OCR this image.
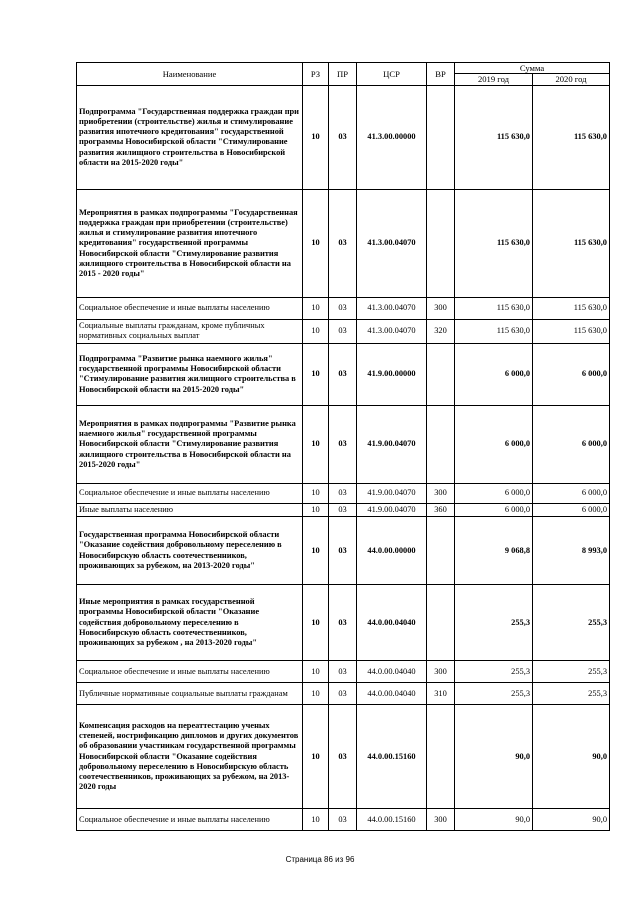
Наименование	РЗ	ПР	ЦСР	ВР	Сумма	
					2019 год	2020 год
Подпрограмма "Государственная поддержка граждан при приобретении (строительстве) жилья и стимулирование развития ипотечного кредитования" государственной программы Новосибирской области "Стимулирование развития жилищного строительства в Новосибирской области на 2015-2020 годы"	10	03	41.3.00.00000		115 630,0	115 630,0
Мероприятия в рамках подпрограммы "Государственная поддержка граждан при приобретении (строительстве) жилья и стимулирование развития ипотечного кредитования" государственной программы Новосибирской области "Стимулирование развития жилищного строительства в Новосибирской области на 2015 - 2020 годы"	10	03	41.3.00.04070		115 630,0	115 630,0
Социальное обеспечение и иные выплаты населению	10	03	41.3.00.04070	300	115 630,0	115 630,0
Социальные выплаты гражданам, кроме публичных нормативных социальных выплат	10	03	41.3.00.04070	320	115 630,0	115 630,0
Подпрограмма "Развитие рынка наемного жилья" государственной программы Новосибирской области "Стимулирование развития жилищного строительства в Новосибирской области на 2015-2020 годы"	10	03	41.9.00.00000		6 000,0	6 000,0
Мероприятия в рамках подпрограммы "Развитие рынка наемного жилья" государственной программы Новосибирской области "Стимулирование развития жилищного строительства в Новосибирской области на 2015-2020 годы"	10	03	41.9.00.04070		6 000,0	6 000,0
Социальное обеспечение и иные выплаты населению	10	03	41.9.00.04070	300	6 000,0	6 000,0
Иные выплаты населению	10	03	41.9.00.04070	360	6 000,0	6 000,0
Государственная программа Новосибирской области "Оказание содействия добровольному переселению в Новосибирскую область соотечественников, проживающих за рубежом, на 2013-2020 годы"	10	03	44.0.00.00000		9 068,8	8 993,0
Иные мероприятия в рамках государственной программы Новосибирской области "Оказание содействия добровольному переселению в Новосибирскую область соотечественников, проживающих за рубежом , на 2013-2020 годы"	10	03	44.0.00.04040		255,3	255,3
Социальное обеспечение и иные выплаты населению	10	03	44.0.00.04040	300	255,3	255,3
Публичные нормативные социальные выплаты гражданам	10	03	44.0.00.04040	310	255,3	255,3
Компенсация расходов на переаттестацию ученых степеней, нострификацию дипломов и других документов об образовании участникам государственной программы Новосибирской области "Оказание содействия добровольному переселению в Новосибирскую область соотечественников, проживающих за рубежом, на 2013-2020 годы	10	03	44.0.00.15160		90,0	90,0
Социальное обеспечение и иные выплаты населению	10	03	44.0.00.15160	300	90,0	90,0
Страница 86 из 96
